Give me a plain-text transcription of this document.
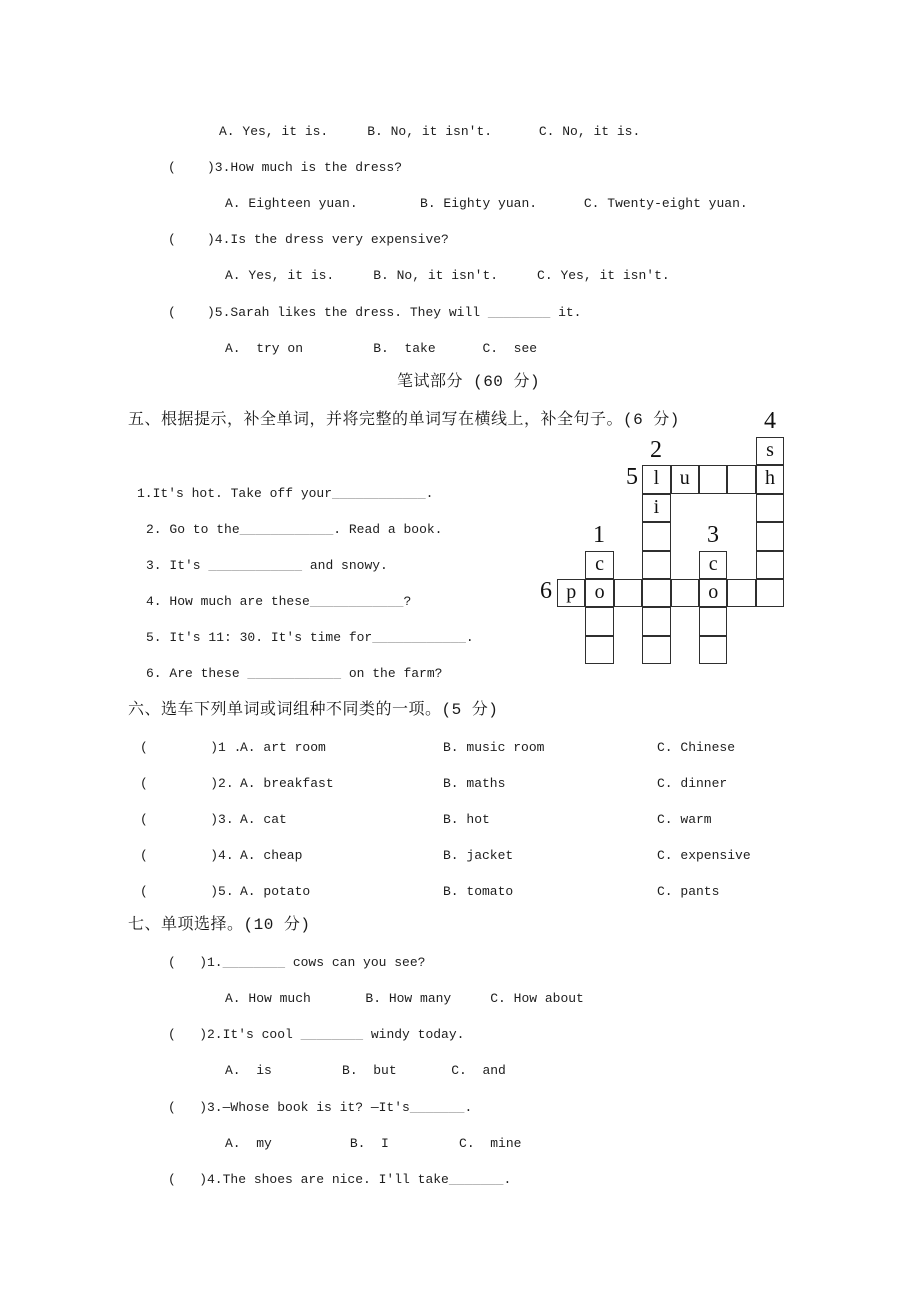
笔试部分 (60 分)
五、根据提示，补全单词，并将完整的单词写在横线上，补全句子。(6 分)
六、选车下列单词或词组种不同类的一项。(5 分)
七、单项选择。(10 分)
A. Yes, it is.     B. No, it isn't.      C. No, it is.
(    )3.How much is the dress?
A. Eighteen yuan.        B. Eighty yuan.      C. Twenty-eight yuan.
(    )4.Is the dress very expensive?
A. Yes, it is.     B. No, it isn't.     C. Yes, it isn't.
(    )5.Sarah likes the dress. They will ________ it.
A.  try on         B.  take      C.  see
1.It's hot. Take off your____________.
2. Go to the____________. Read a book.
3. It's ____________ and snowy.
4. How much are these____________?
5. It's 11: 30. It's time for____________.
6. Are these ____________ on the farm?
s
l	u	h
i
c	c
p o	o
1
2
3
4
5
6
(        )1 .
A. art room	B. music room	C. Chinese
(        )2. A. breakfast	B. maths	C. dinner
(        )3. A. cat	B. hot	C. warm
(        )4. A. cheap	B. jacket	C. expensive
(        )5. A. potato	B. tomato	C. pants
(   )1.________ cows can you see?
A. How much       B. How many     C. How about
(   )2.It's cool ________ windy today.
A.  is         B.  but       C.  and
(   )3.—Whose book is it? —It's_______.
A.  my          B.  I         C.  mine
(   )4.The shoes are nice. I'll take_______.
